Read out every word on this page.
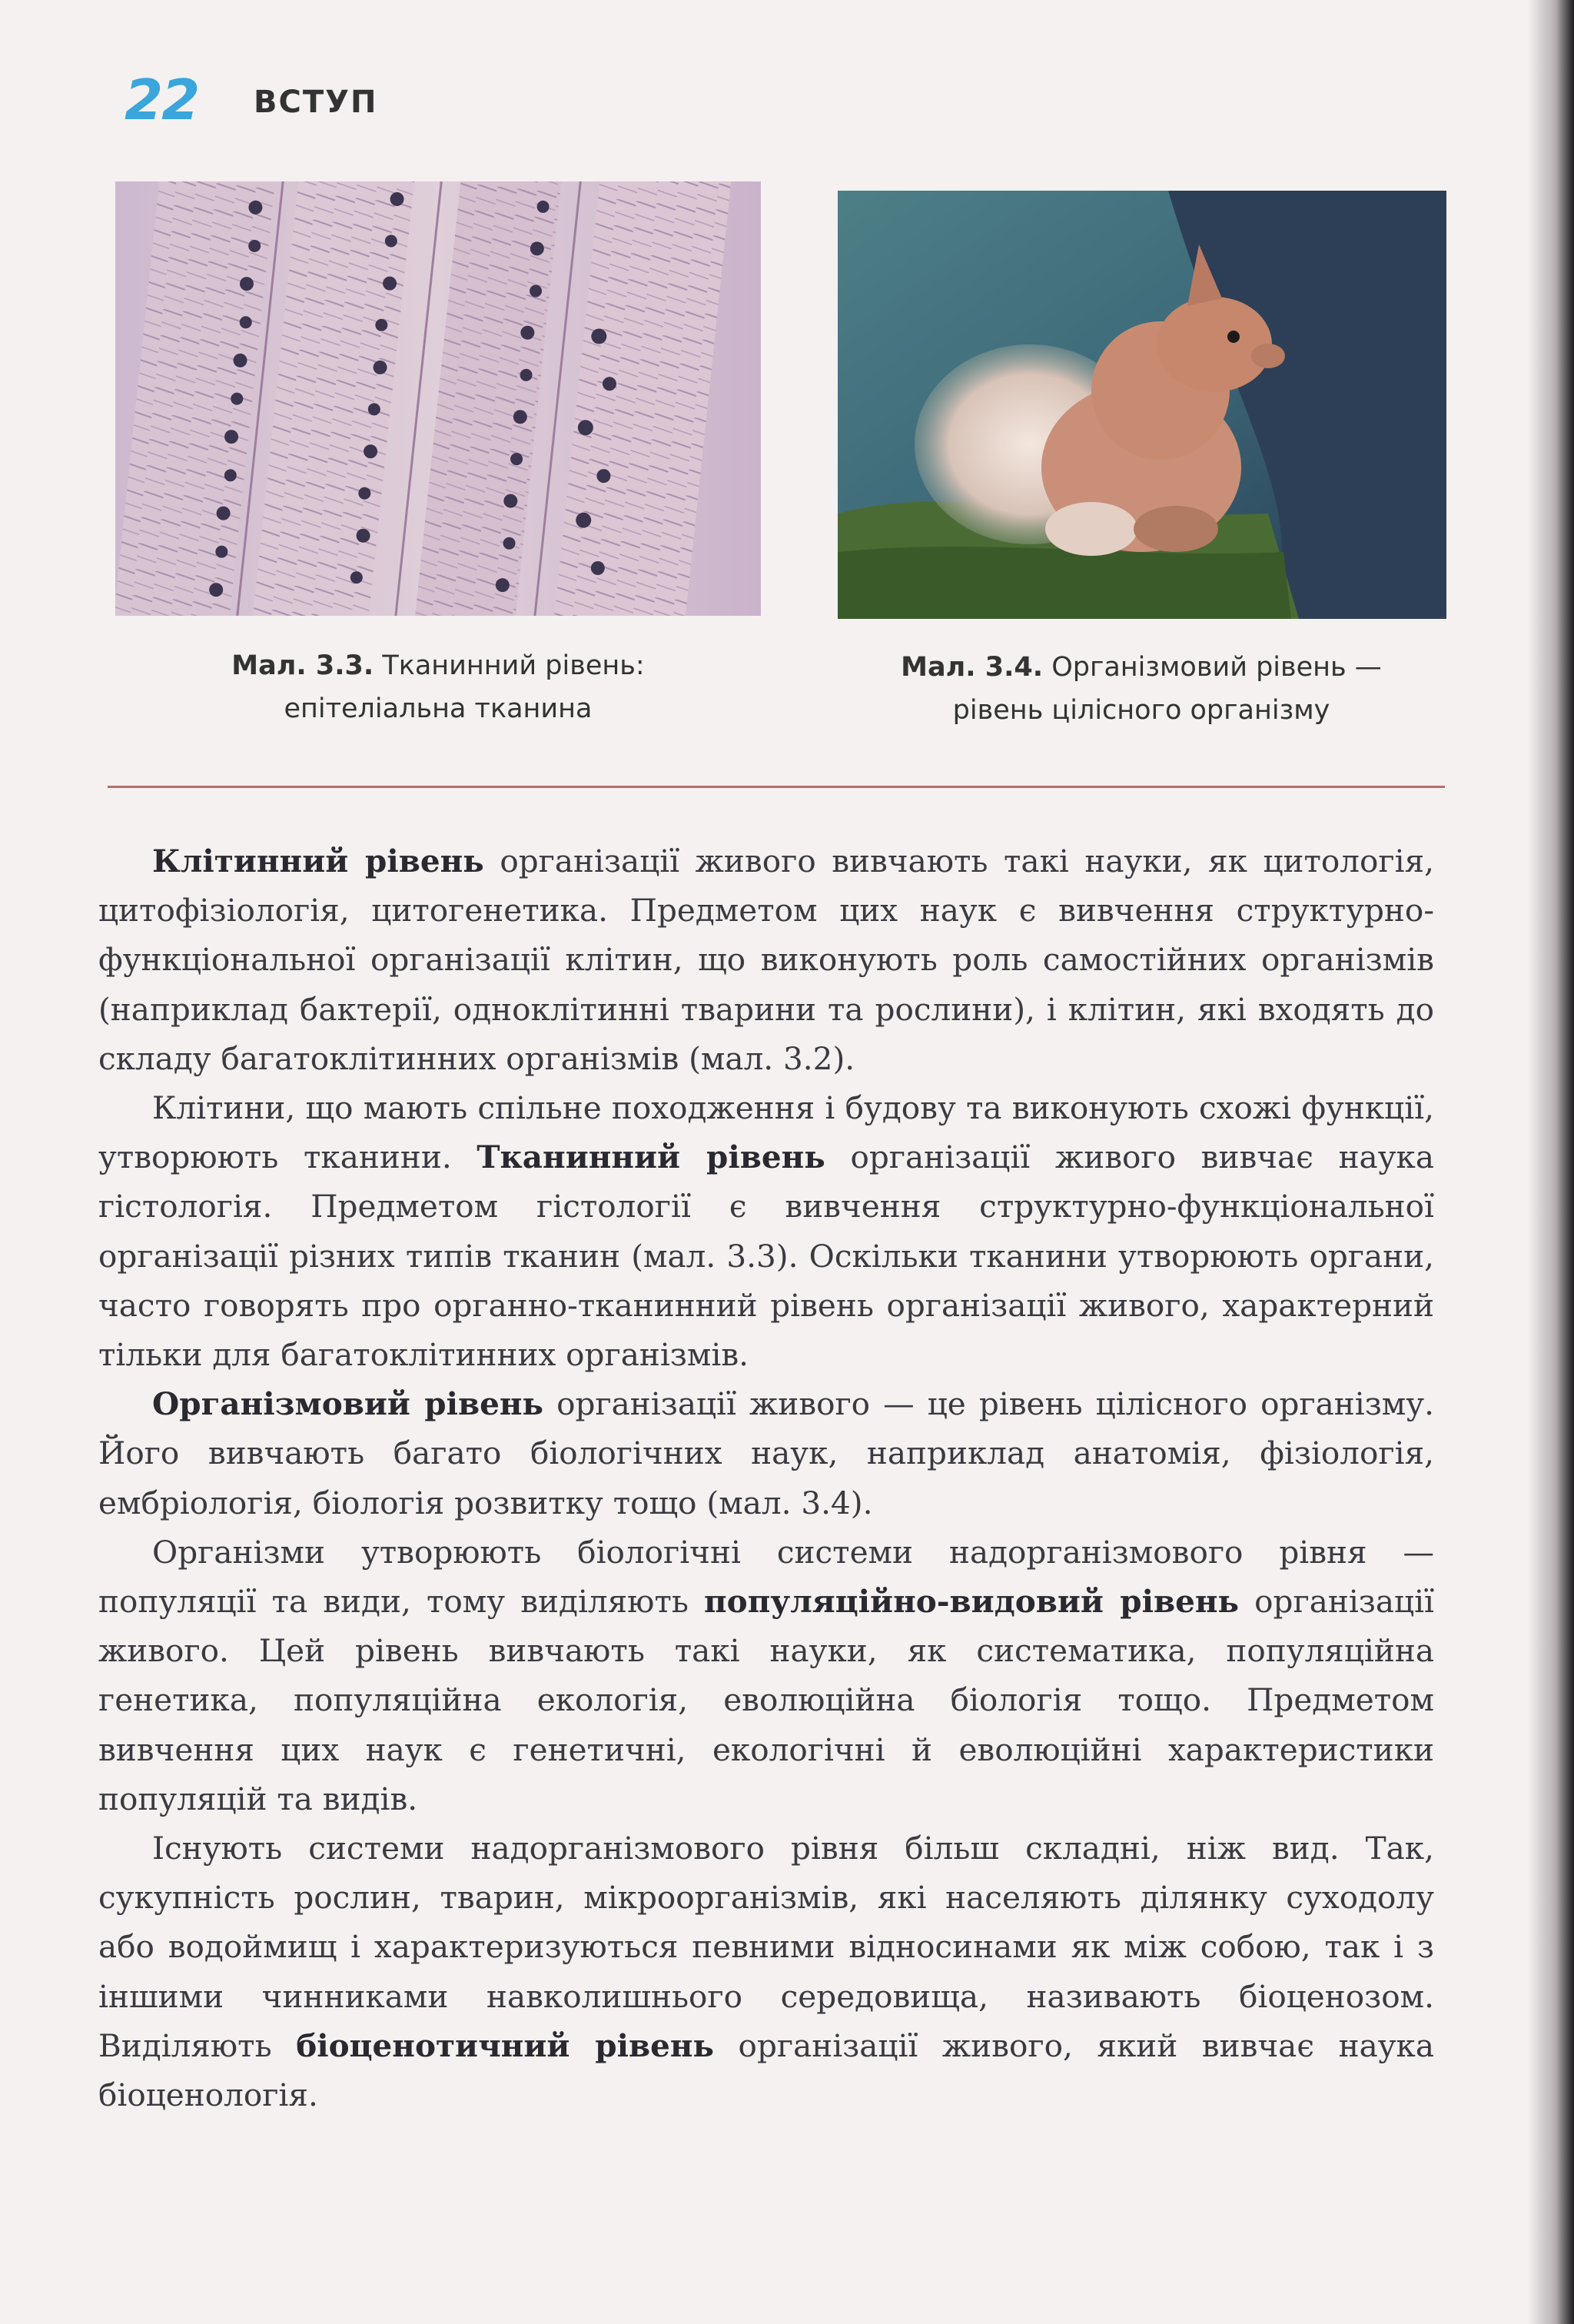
22 ВСТУП
Мал. 3.3. Тканинний рівень:
епітеліальна тканина
Мал. 3.4. Організмовий рівень —
рівень цілісного організму

Клітинний рівень організації живого вивчають такі науки, як цитологія, цитофізіологія, цитогенетика. Предметом цих наук є вивчення структурно-функціональної організації клітин, що виконують роль самостійних організмів (наприклад бактерії, одноклітинні тварини та рослини), і клітин, які входять до складу багатоклітинних організмів (мал. 3.2).

Клітини, що мають спільне походження і будову та виконують схожі функції, утворюють тканини. Тканинний рівень організації живого вивчає наука гістологія. Предметом гістології є вивчення структурно-функціональної організації різних типів тканин (мал. 3.3). Оскільки тканини утворюють органи, часто говорять про органно-тканинний рівень організації живого, характерний тільки для багатоклітинних організмів.

Організмовий рівень організації живого — це рівень цілісного організму. Його вивчають багато біологічних наук, наприклад анатомія, фізіологія, ембріологія, біологія розвитку тощо (мал. 3.4).

Організми утворюють біологічні системи надорганізмового рівня — популяції та види, тому виділяють популяційно-видовий рівень організації живого. Цей рівень вивчають такі науки, як систематика, популяційна генетика, популяційна екологія, еволюційна біологія тощо. Предметом вивчення цих наук є генетичні, екологічні й еволюційні характеристики популяцій та видів.

Існують системи надорганізмового рівня більш складні, ніж вид. Так, сукупність рослин, тварин, мікроорганізмів, які населяють ділянку суходолу або водоймищ і характеризуються певними відносинами як між собою, так і з іншими чинниками навколишнього середовища, називають біоценозом. Виділяють біоценотичний рівень організації живого, який вивчає наука біоценологія.
